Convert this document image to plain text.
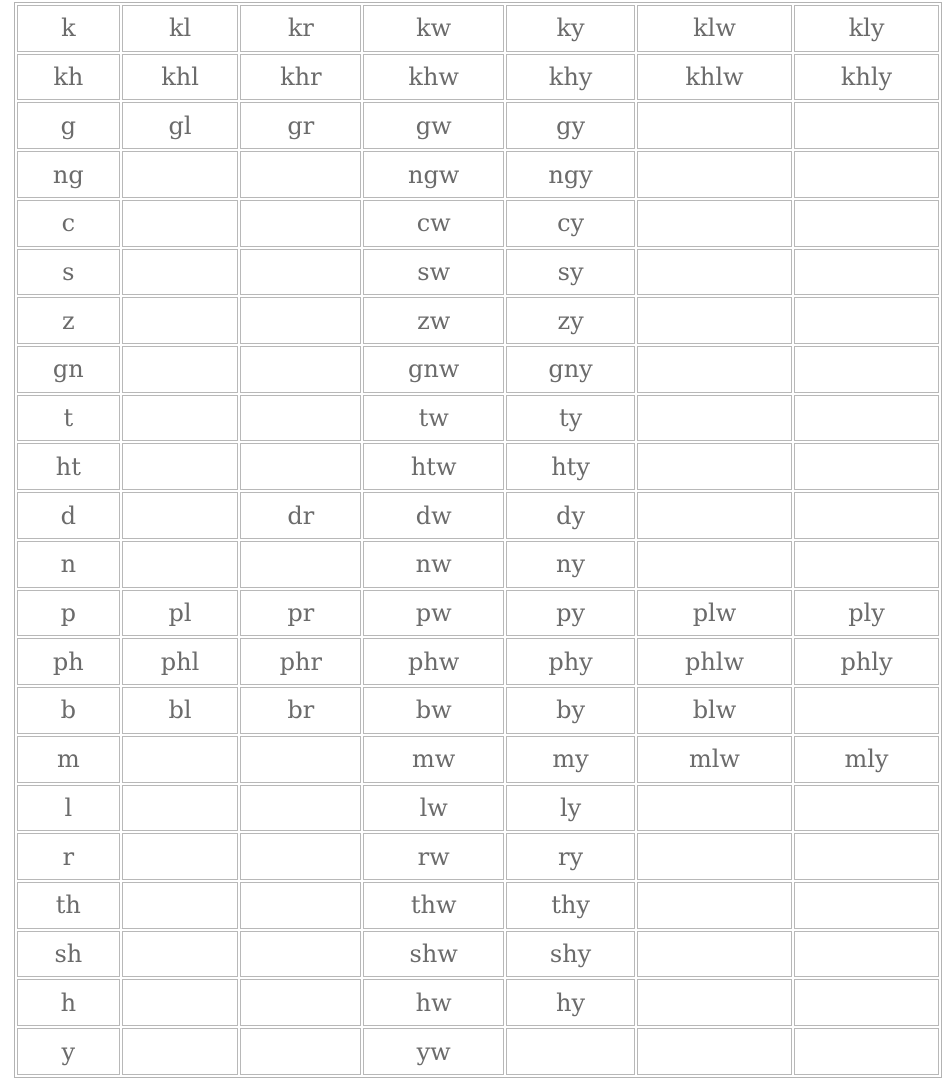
k	kl	kr	kw	ky	klw	kly
kh	khl	khr	khw	khy	khlw	khly
g	gl	gr	gw	gy		
ng			ngw	ngy		
c			cw	cy		
s			sw	sy		
z			zw	zy		
gn			gnw	gny		
t			tw	ty		
ht			htw	hty		
d		dr	dw	dy		
n			nw	ny		
p	pl	pr	pw	py	plw	ply
ph	phl	phr	phw	phy	phlw	phly
b	bl	br	bw	by	blw	
m			mw	my	mlw	mly
l			lw	ly		
r			rw	ry		
th			thw	thy		
sh			shw	shy		
h			hw	hy		
y			yw			
